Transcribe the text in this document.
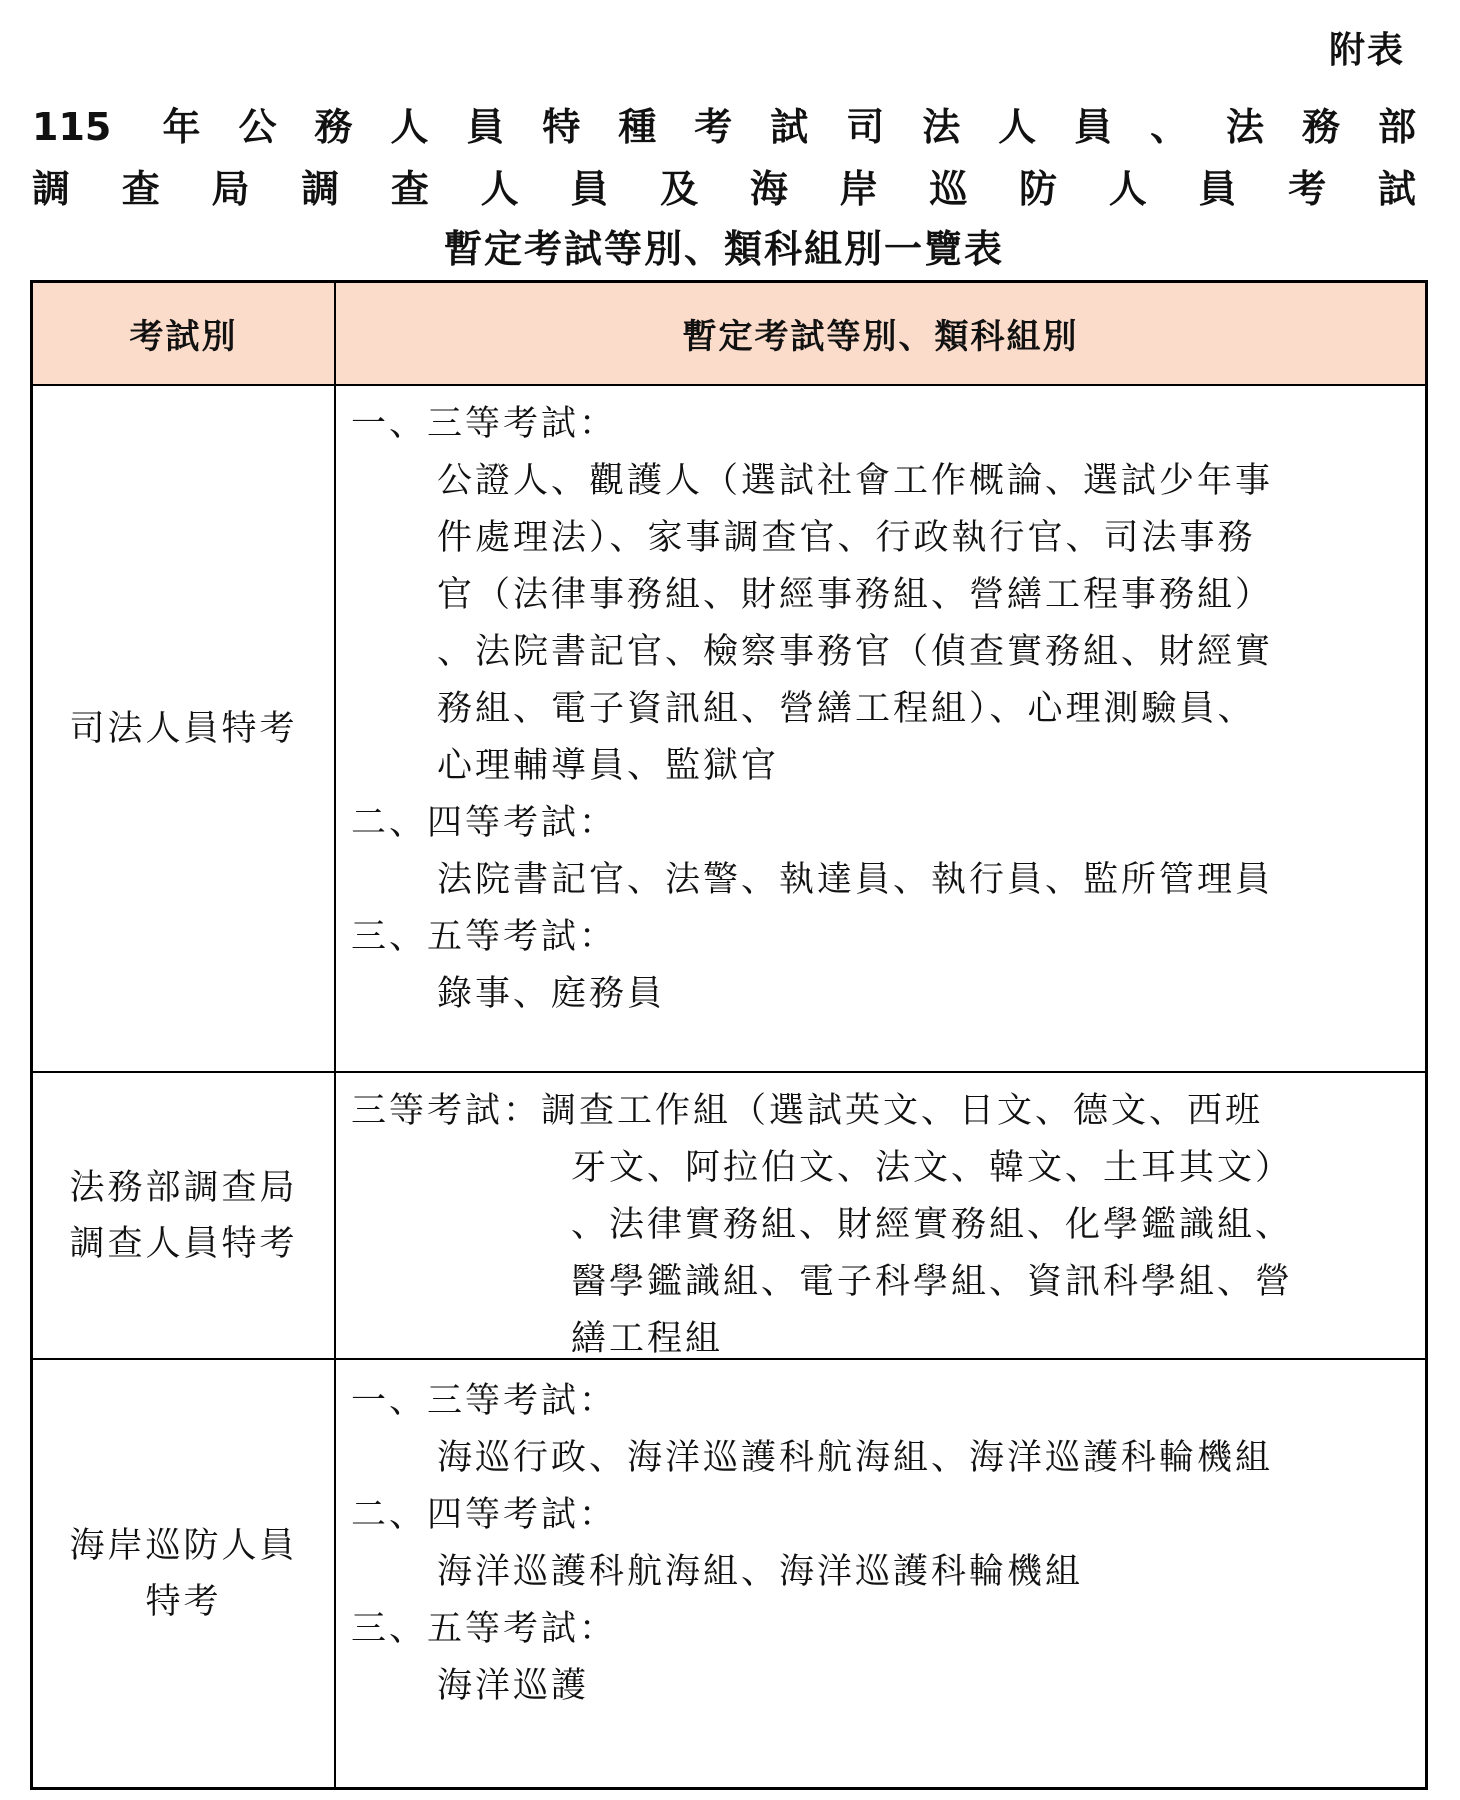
附表
115 年公務人員特種考試司法人員、法務部
調查局調查人員及海岸巡防人員考試
暫定考試等別、類科組別一覽表
考試別	暫定考試等別、類科組別
司法人員特考
一、三等考試：
公證人、觀護人（選試社會工作概論、選試少年事
件處理法）、家事調查官、行政執行官、司法事務
官（法律事務組、財經事務組、營繕工程事務組）
、法院書記官、檢察事務官（偵查實務組、財經實
務組、電子資訊組、營繕工程組）、心理測驗員、
心理輔導員、監獄官
二、四等考試：
法院書記官、法警、執達員、執行員、監所管理員
三、五等考試：
錄事、庭務員
法務部調查局
調查人員特考
三等考試：調查工作組（選試英文、日文、德文、西班
牙文、阿拉伯文、法文、韓文、土耳其文）
、法律實務組、財經實務組、化學鑑識組、
醫學鑑識組、電子科學組、資訊科學組、營
繕工程組
海岸巡防人員
特考
一、三等考試：
海巡行政、海洋巡護科航海組、海洋巡護科輪機組
二、四等考試：
海洋巡護科航海組、海洋巡護科輪機組
三、五等考試：
海洋巡護
